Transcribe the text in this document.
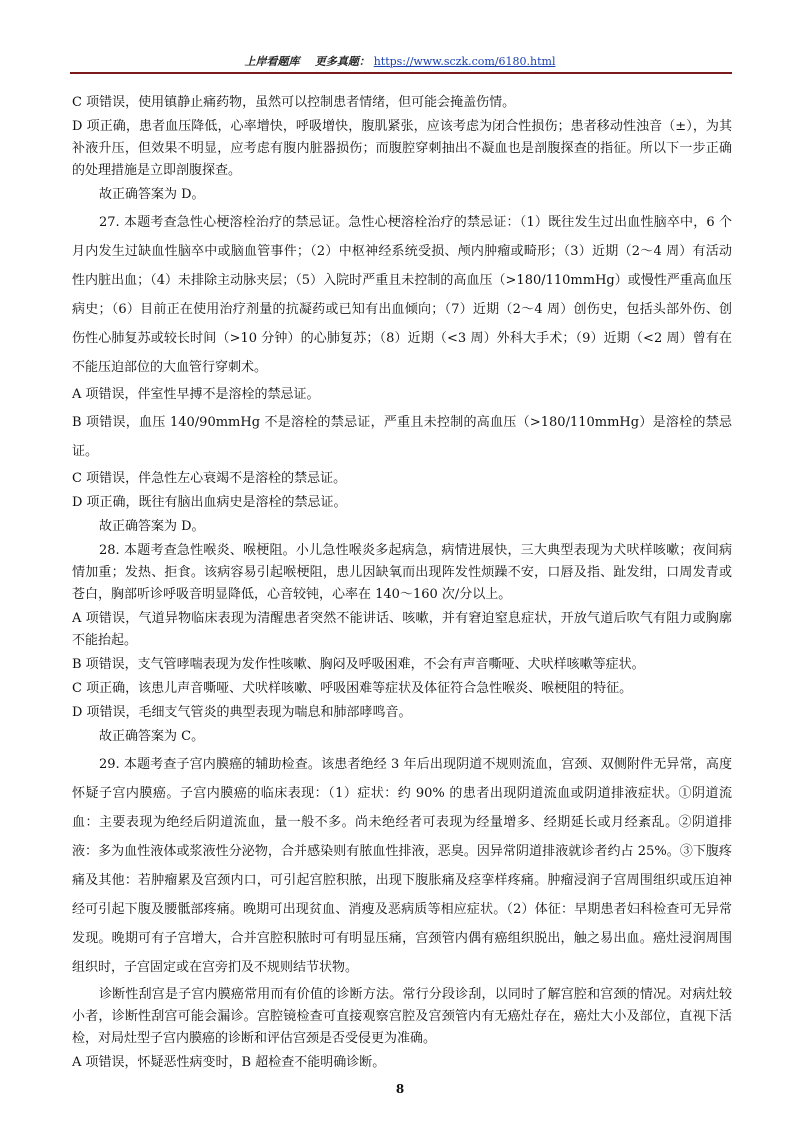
上岸看题库 更多真题： https://www.sczk.com/6180.html

C 项错误，使用镇静止痛药物，虽然可以控制患者情绪，但可能会掩盖伤情。

D 项正确，患者血压降低，心率增快，呼吸增快，腹肌紧张，应该考虑为闭合性损伤；患者移动性浊音（±），为其补液升压，但效果不明显，应考虑有腹内脏器损伤；而腹腔穿刺抽出不凝血也是剖腹探查的指征。所以下一步正确的处理措施是立即剖腹探查。

故正确答案为 D。

27. 本题考查急性心梗溶栓治疗的禁忌证。急性心梗溶栓治疗的禁忌证：（1）既往发生过出血性脑卒中，6 个月内发生过缺血性脑卒中或脑血管事件；（2）中枢神经系统受损、颅内肿瘤或畸形；（3）近期（2～4 周）有活动性内脏出血；（4）未排除主动脉夹层；（5）入院时严重且未控制的高血压（>180/110mmHg）或慢性严重高血压病史；（6）目前正在使用治疗剂量的抗凝药或已知有出血倾向；（7）近期（2～4 周）创伤史，包括头部外伤、创伤性心肺复苏或较长时间（>10 分钟）的心肺复苏；（8）近期（<3 周）外科大手术；（9）近期（<2 周）曾有在不能压迫部位的大血管行穿刺术。

A 项错误，伴室性早搏不是溶栓的禁忌证。

B 项错误，血压 140/90mmHg 不是溶栓的禁忌证，严重且未控制的高血压（>180/110mmHg）是溶栓的禁忌证。

C 项错误，伴急性左心衰竭不是溶栓的禁忌证。

D 项正确，既往有脑出血病史是溶栓的禁忌证。

故正确答案为 D。

28. 本题考查急性喉炎、喉梗阻。小儿急性喉炎多起病急，病情进展快，三大典型表现为犬吠样咳嗽；夜间病情加重；发热、拒食。该病容易引起喉梗阻，患儿因缺氧而出现阵发性烦躁不安，口唇及指、趾发绀，口周发青或苍白，胸部听诊呼吸音明显降低，心音较钝，心率在 140～160 次/分以上。

A 项错误，气道异物临床表现为清醒患者突然不能讲话、咳嗽，并有窘迫窒息症状，开放气道后吹气有阻力或胸廓不能抬起。

B 项错误，支气管哮喘表现为发作性咳嗽、胸闷及呼吸困难，不会有声音嘶哑、犬吠样咳嗽等症状。

C 项正确，该患儿声音嘶哑、犬吠样咳嗽、呼吸困难等症状及体征符合急性喉炎、喉梗阻的特征。

D 项错误，毛细支气管炎的典型表现为喘息和肺部哮鸣音。

故正确答案为 C。

29. 本题考查子宫内膜癌的辅助检查。该患者绝经 3 年后出现阴道不规则流血，宫颈、双侧附件无异常，高度怀疑子宫内膜癌。子宫内膜癌的临床表现：（1）症状：约 90% 的患者出现阴道流血或阴道排液症状。①阴道流血：主要表现为绝经后阴道流血，量一般不多。尚未绝经者可表现为经量增多、经期延长或月经紊乱。②阴道排液：多为血性液体或浆液性分泌物，合并感染则有脓血性排液，恶臭。因异常阴道排液就诊者约占 25%。③下腹疼痛及其他：若肿瘤累及宫颈内口，可引起宫腔积脓，出现下腹胀痛及痉挛样疼痛。肿瘤浸润子宫周围组织或压迫神经可引起下腹及腰骶部疼痛。晚期可出现贫血、消瘦及恶病质等相应症状。（2）体征：早期患者妇科检查可无异常发现。晚期可有子宫增大，合并宫腔积脓时可有明显压痛，宫颈管内偶有癌组织脱出，触之易出血。癌灶浸润周围组织时，子宫固定或在宫旁扪及不规则结节状物。

诊断性刮宫是子宫内膜癌常用而有价值的诊断方法。常行分段诊刮，以同时了解宫腔和宫颈的情况。对病灶较小者，诊断性刮宫可能会漏诊。宫腔镜检查可直接观察宫腔及宫颈管内有无癌灶存在，癌灶大小及部位，直视下活检，对局灶型子宫内膜癌的诊断和评估宫颈是否受侵更为准确。

A 项错误，怀疑恶性病变时，B 超检查不能明确诊断。

8
